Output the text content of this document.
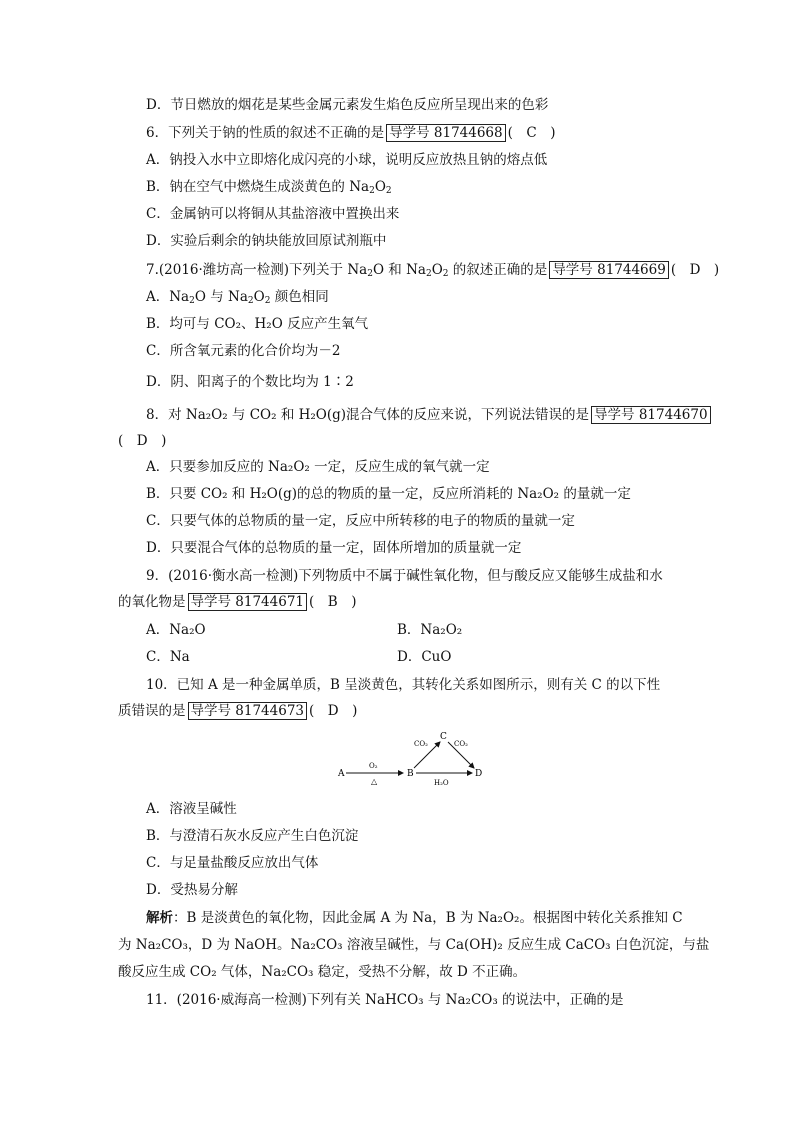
D．节日燃放的烟花是某些金属元素发生焰色反应所呈现出来的色彩
6．下列关于钠的性质的叙述不正确的是 导学号 81744668 (　C　)
A．钠投入水中立即熔化成闪亮的小球，说明反应放热且钠的熔点低
B．钠在空气中燃烧生成淡黄色的 $Na_2O_2$
C．金属钠可以将铜从其盐溶液中置换出来
D．实验后剩余的钠块能放回原试剂瓶中
7.(2016·潍坊高一检测)下列关于 $Na_2O$ 和 $Na_2O_2$ 的叙述正确的是 导学号 81744669 (　D　)
A．$Na_2O$ 与 $Na_2O_2$ 颜色相同
B．均可与 CO₂、H₂O 反应产生氧气
C．所含氧元素的化合价均为－2
D．阴、阳离子的个数比均为 1∶2
8．对 Na₂O₂ 与 CO₂ 和 H₂O(g)混合气体的反应来说，下列说法错误的是 导学号 81744670
(　D　)
A．只要参加反应的 Na₂O₂ 一定，反应生成的氧气就一定
B．只要 CO₂ 和 H₂O(g)的总的物质的量一定，反应所消耗的 Na₂O₂ 的量就一定
C．只要气体的总物质的量一定，反应中所转移的电子的物质的量就一定
D．只要混合气体的总物质的量一定，固体所增加的质量就一定
9．(2016·衡水高一检测)下列物质中不属于碱性氧化物，但与酸反应又能够生成盐和水
的氧化物是 导学号 81744671 (　B　)
A．Na₂O	B．Na₂O₂
C．Na	D．CuO
10．已知 A 是一种金属单质，B 呈淡黄色，其转化关系如图所示，则有关 C 的以下性
质错误的是 导学号 81744673 (　D　)
A
O₂
△
B
H₂O
D
C
CO₂	CO₂
A．溶液呈碱性
B．与澄清石灰水反应产生白色沉淀
C．与足量盐酸反应放出气体
D．受热易分解
解析：B 是淡黄色的氧化物，因此金属 A 为 Na，B 为 Na₂O₂。根据图中转化关系推知 C
为 Na₂CO₃，D 为 NaOH。Na₂CO₃ 溶液呈碱性，与 Ca(OH)₂ 反应生成 CaCO₃ 白色沉淀，与盐
酸反应生成 CO₂ 气体，Na₂CO₃ 稳定，受热不分解，故 D 不正确。
11．(2016·威海高一检测)下列有关 NaHCO₃ 与 Na₂CO₃ 的说法中，正确的是
